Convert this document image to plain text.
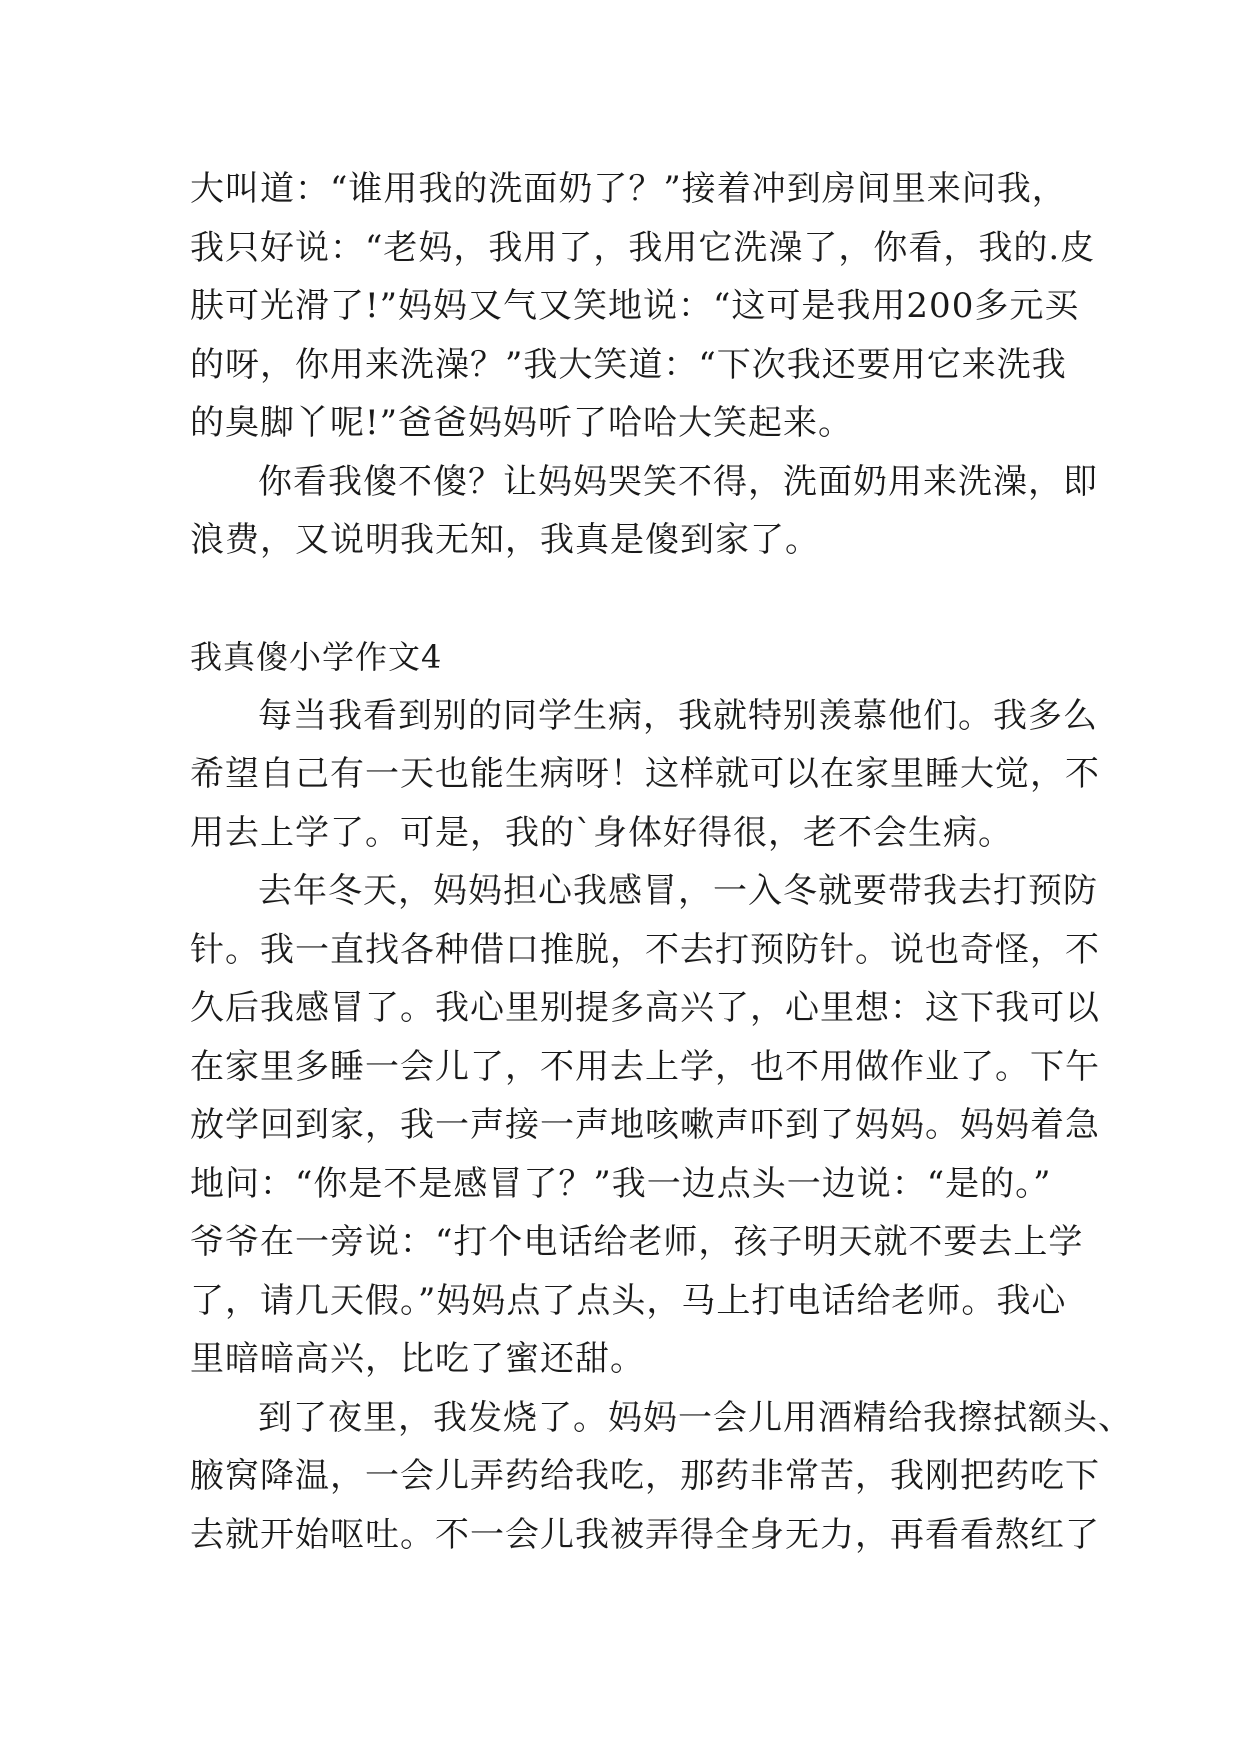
大叫道：“谁用我的洗面奶了？”接着冲到房间里来问我，
我只好说：“老妈，我用了，我用它洗澡了，你看，我的.皮
肤可光滑了!”妈妈又气又笑地说：“这可是我用200多元买
的呀，你用来洗澡？”我大笑道：“下次我还要用它来洗我
的臭脚丫呢!”爸爸妈妈听了哈哈大笑起来。
你看我傻不傻？让妈妈哭笑不得，洗面奶用来洗澡，即
浪费，又说明我无知，我真是傻到家了。
我真傻小学作文4
每当我看到别的同学生病，我就特别羡慕他们。我多么
希望自己有一天也能生病呀！这样就可以在家里睡大觉，不
用去上学了。可是，我的`身体好得很，老不会生病。
去年冬天，妈妈担心我感冒，一入冬就要带我去打预防
针。我一直找各种借口推脱，不去打预防针。说也奇怪，不
久后我感冒了。我心里别提多高兴了，心里想：这下我可以
在家里多睡一会儿了，不用去上学，也不用做作业了。下午
放学回到家，我一声接一声地咳嗽声吓到了妈妈。妈妈着急
地问：“你是不是感冒了？”我一边点头一边说：“是的。”
爷爷在一旁说：“打个电话给老师，孩子明天就不要去上学
了，请几天假。”妈妈点了点头，马上打电话给老师。我心
里暗暗高兴，比吃了蜜还甜。
到了夜里，我发烧了。妈妈一会儿用酒精给我擦拭额头、
腋窝降温，一会儿弄药给我吃，那药非常苦，我刚把药吃下
去就开始呕吐。不一会儿我被弄得全身无力，再看看熬红了
